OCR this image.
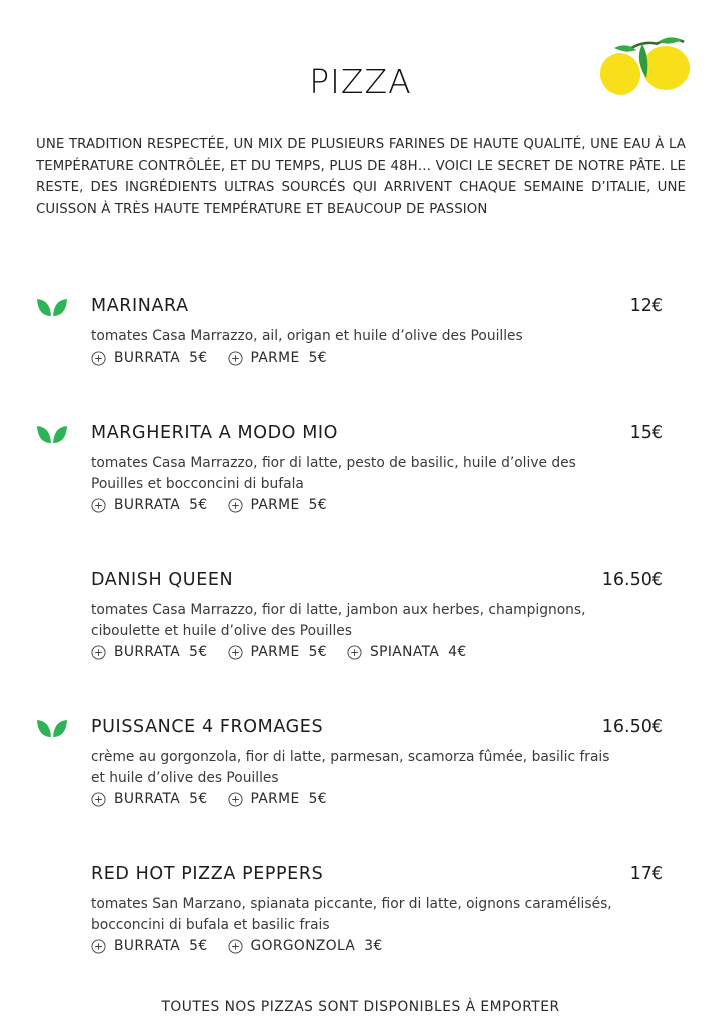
PIZZA
UNE TRADITION RESPECTÉE, UN MIX DE PLUSIEURS FARINES DE HAUTE QUALITÉ, UNE EAU À LA TEMPÉRATURE CONTRÔLÉE, ET DU TEMPS, PLUS DE 48H… VOICI LE SECRET DE NOTRE PÂTE. LE RESTE, DES INGRÉDIENTS ULTRAS SOURCÉS QUI ARRIVENT CHAQUE SEMAINE D’ITALIE, UNE CUISSON À TRÈS HAUTE TEMPÉRATURE ET BEAUCOUP DE PASSION
MARINARA	12€
tomates Casa Marrazzo, ail, origan et huile d’olive des Pouilles
BURRATA 5€	PARME 5€
MARGHERITA A MODO MIO	15€
tomates Casa Marrazzo, fior di latte, pesto de basilic, huile d’olive des Pouilles et bocconcini di bufala
BURRATA 5€	PARME 5€
DANISH QUEEN	16.50€
tomates Casa Marrazzo, fior di latte, jambon aux herbes, champignons, ciboulette et huile d’olive des Pouilles
BURRATA 5€	PARME 5€	SPIANATA 4€
PUISSANCE 4 FROMAGES	16.50€
crème au gorgonzola, fior di latte, parmesan, scamorza fûmée, basilic frais et huile d’olive des Pouilles
BURRATA 5€	PARME 5€
RED HOT PIZZA PEPPERS	17€
tomates San Marzano, spianata piccante, fior di latte, oignons caramélisés, bocconcini di bufala et basilic frais
BURRATA 5€	GORGONZOLA 3€
TOUTES NOS PIZZAS SONT DISPONIBLES À EMPORTER
